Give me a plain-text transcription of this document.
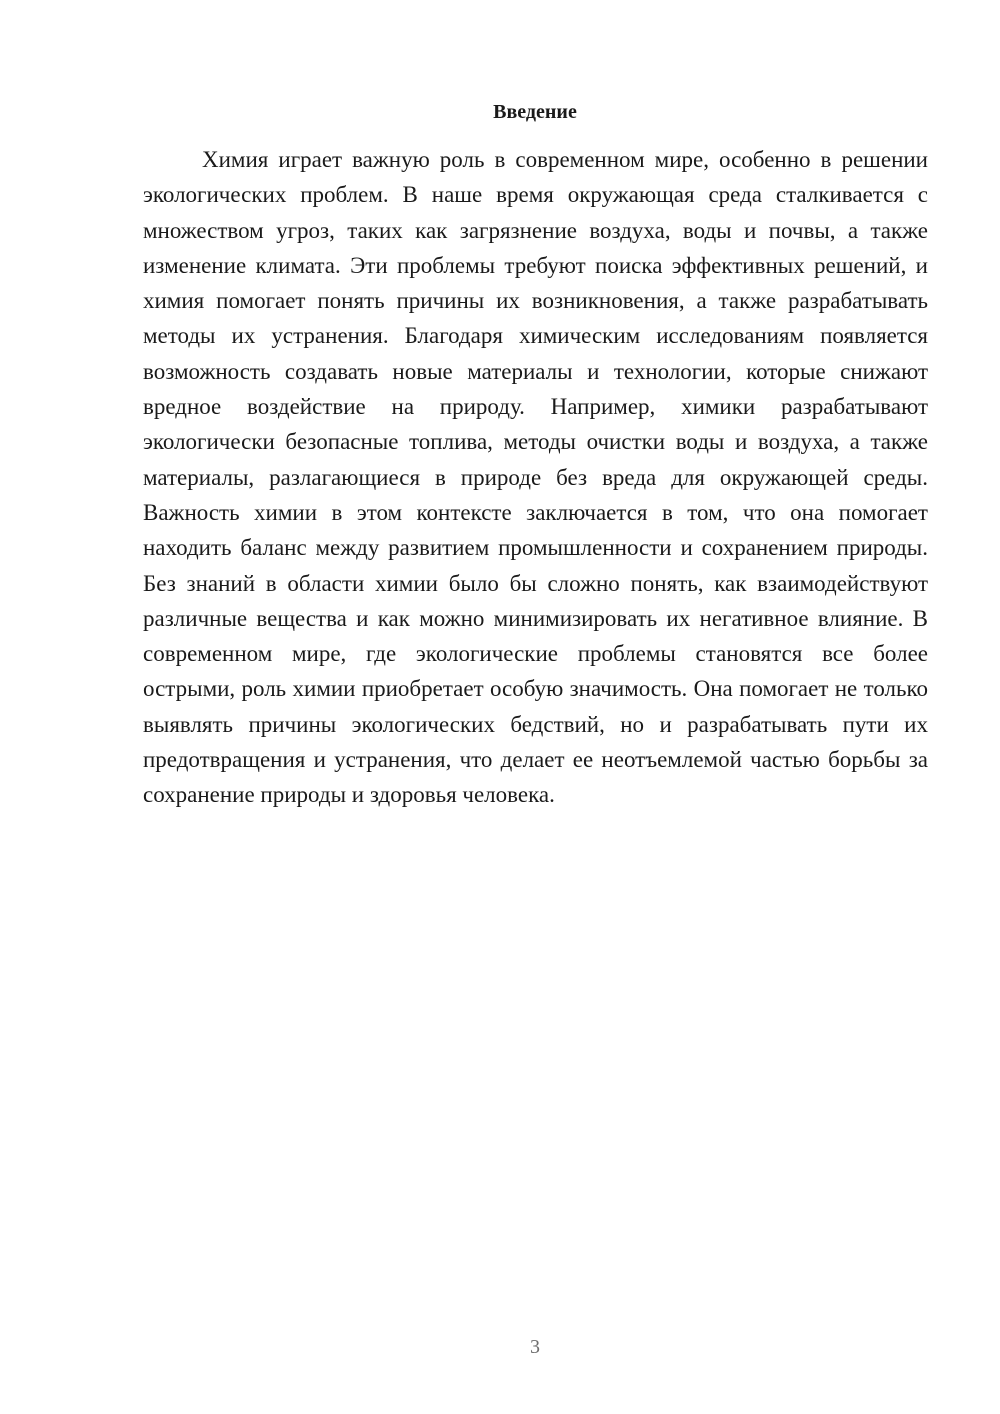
Введение

Химия играет важную роль в современном мире, особенно в решении экологических проблем. В наше время окружающая среда сталкивается с множеством угроз, таких как загрязнение воздуха, воды и почвы, а также изменение климата. Эти проблемы требуют поиска эффективных решений, и химия помогает понять причины их возникновения, а также разрабатывать методы их устранения. Благодаря химическим исследованиям появляется возможность создавать новые материалы и технологии, которые снижают вредное воздействие на природу. Например, химики разрабатывают экологически безопасные топлива, методы очистки воды и воздуха, а также материалы, разлагающиеся в природе без вреда для окружающей среды. Важность химии в этом контексте заключается в том, что она помогает находить баланс между развитием промышленности и сохранением природы. Без знаний в области химии было бы сложно понять, как взаимодействуют различные вещества и как можно минимизировать их негативное влияние. В современном мире, где экологические проблемы становятся все более острыми, роль химии приобретает особую значимость. Она помогает не только выявлять причины экологических бедствий, но и разрабатывать пути их предотвращения и устранения, что делает ее неотъемлемой частью борьбы за сохранение природы и здоровья человека.

3
